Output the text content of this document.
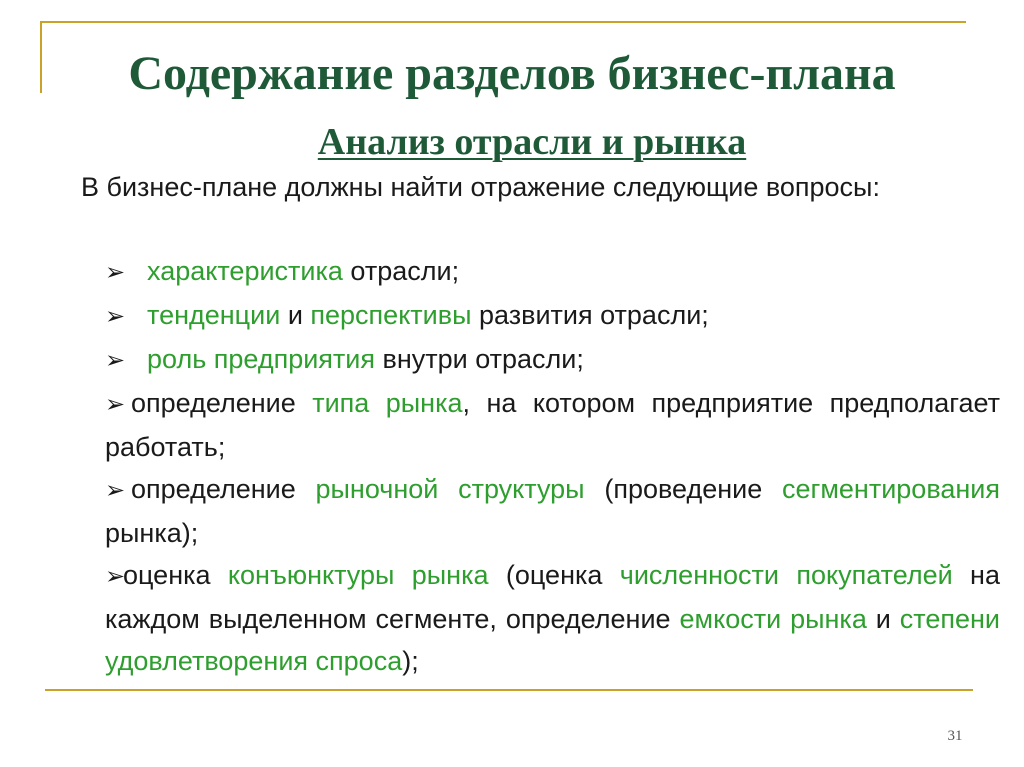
Содержание разделов бизнес-плана
Анализ отрасли и рынка

В бизнес-плане должны найти отражение следующие вопросы:

➢ характеристика отрасли;
➢ тенденции и перспективы развития отрасли;
➢ роль предприятия внутри отрасли;
➢ определение типа рынка, на котором предприятие предполагает работать;
➢ определение рыночной структуры (проведение сегментирования рынка);
➢оценка конъюнктуры рынка (оценка численности покупателей на каждом выделенном сегменте, определение емкости рынка и степени удовлетворения спроса);
31
